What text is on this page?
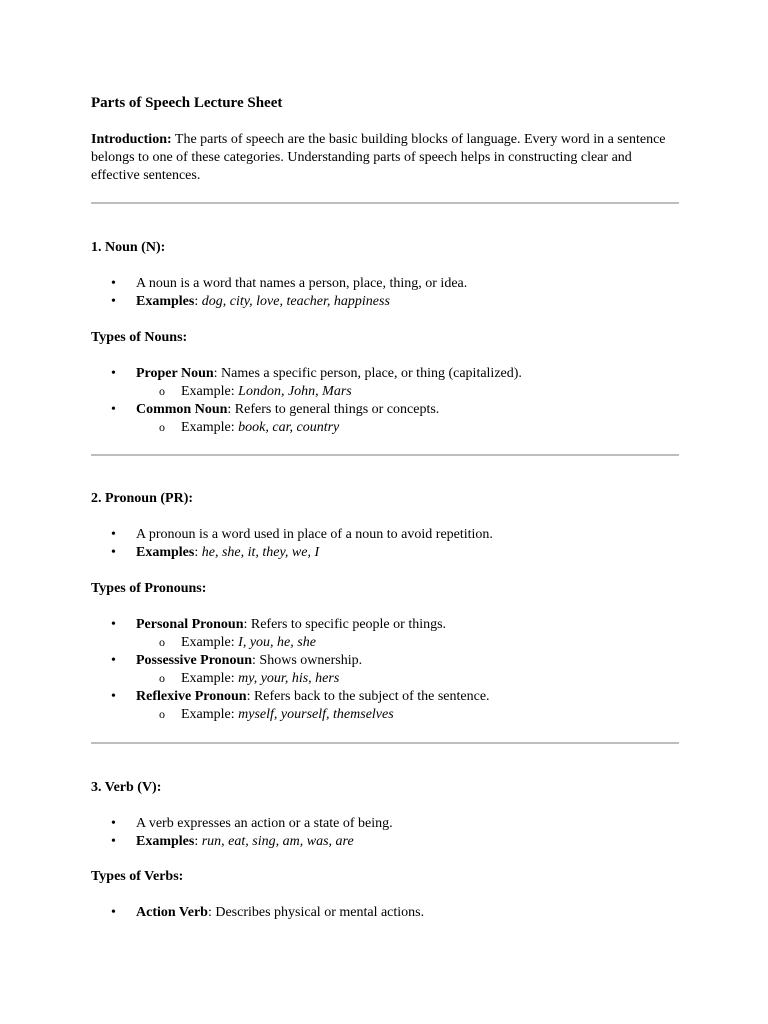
Parts of Speech Lecture Sheet
Introduction: The parts of speech are the basic building blocks of language. Every word in a sentence belongs to one of these categories. Understanding parts of speech helps in constructing clear and effective sentences.
1. Noun (N):
• A noun is a word that names a person, place, thing, or idea.
• Examples: dog, city, love, teacher, happiness
Types of Nouns:
• Proper Noun: Names a specific person, place, or thing (capitalized).
o Example: London, John, Mars
• Common Noun: Refers to general things or concepts.
o Example: book, car, country
2. Pronoun (PR):
• A pronoun is a word used in place of a noun to avoid repetition.
• Examples: he, she, it, they, we, I
Types of Pronouns:
• Personal Pronoun: Refers to specific people or things.
o Example: I, you, he, she
• Possessive Pronoun: Shows ownership.
o Example: my, your, his, hers
• Reflexive Pronoun: Refers back to the subject of the sentence.
o Example: myself, yourself, themselves
3. Verb (V):
• A verb expresses an action or a state of being.
• Examples: run, eat, sing, am, was, are
Types of Verbs:
• Action Verb: Describes physical or mental actions.
